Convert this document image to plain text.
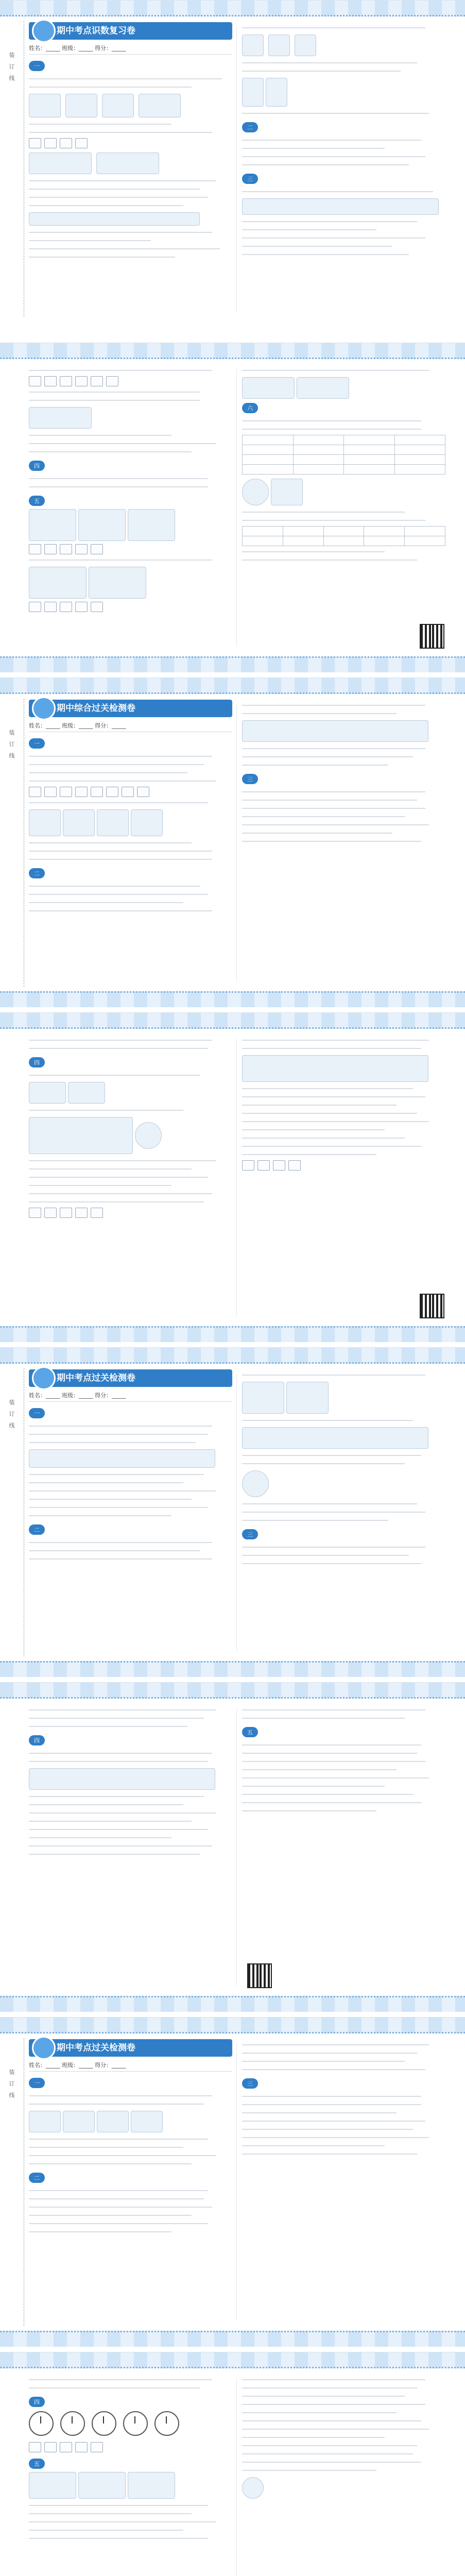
装 订 线
期中考点识数复习卷
姓名：_____ 班级：_____ 得分：_____
一

二
三
四
五
六
装 订 线
期中综合过关检测卷
姓名：_____ 班级：_____ 得分：_____
一
二
三
四
装 订 线
期中考点过关检测卷
姓名：_____ 班级：_____ 得分：_____
一
二
三
四
五
装 订 线
期中考点过关检测卷
姓名：_____ 班级：_____ 得分：_____
一
二
三
四

五
